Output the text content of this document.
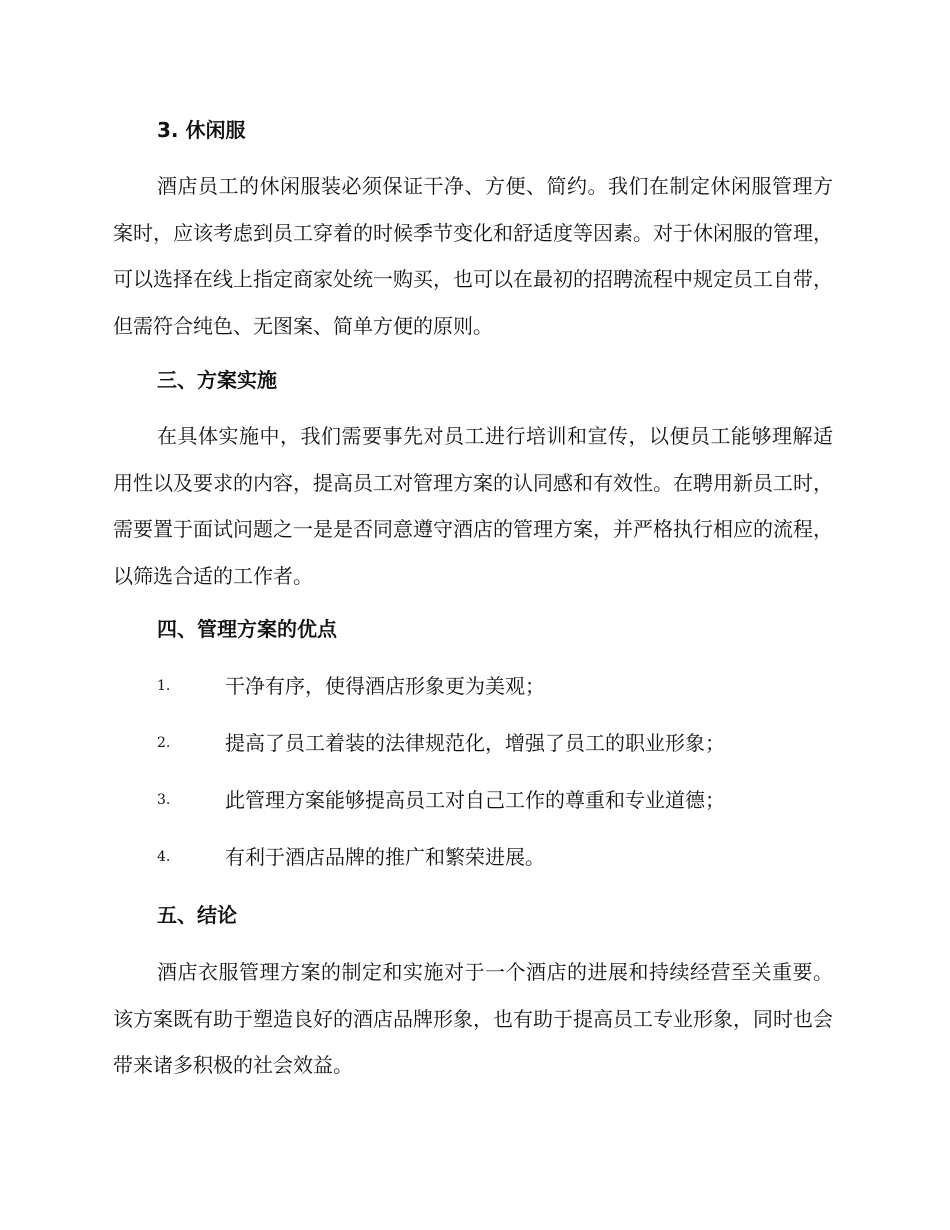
3. 休闲服

酒店员工的休闲服装必须保证干净、方便、简约。我们在制定休闲服管理方案时，应该考虑到员工穿着的时候季节变化和舒适度等因素。对于休闲服的管理，可以选择在线上指定商家处统一购买，也可以在最初的招聘流程中规定员工自带，但需符合纯色、无图案、简单方便的原则。

三、方案实施

在具体实施中，我们需要事先对员工进行培训和宣传，以便员工能够理解适用性以及要求的内容，提高员工对管理方案的认同感和有效性。在聘用新员工时，需要置于面试问题之一是是否同意遵守酒店的管理方案，并严格执行相应的流程，以筛选合适的工作者。

四、管理方案的优点
1.	干净有序，使得酒店形象更为美观；
2.	提高了员工着装的法律规范化，增强了员工的职业形象；
3.	此管理方案能够提高员工对自己工作的尊重和专业道德；
4.	有利于酒店品牌的推广和繁荣进展。
五、结论

酒店衣服管理方案的制定和实施对于一个酒店的进展和持续经营至关重要。该方案既有助于塑造良好的酒店品牌形象，也有助于提高员工专业形象，同时也会带来诸多积极的社会效益。
